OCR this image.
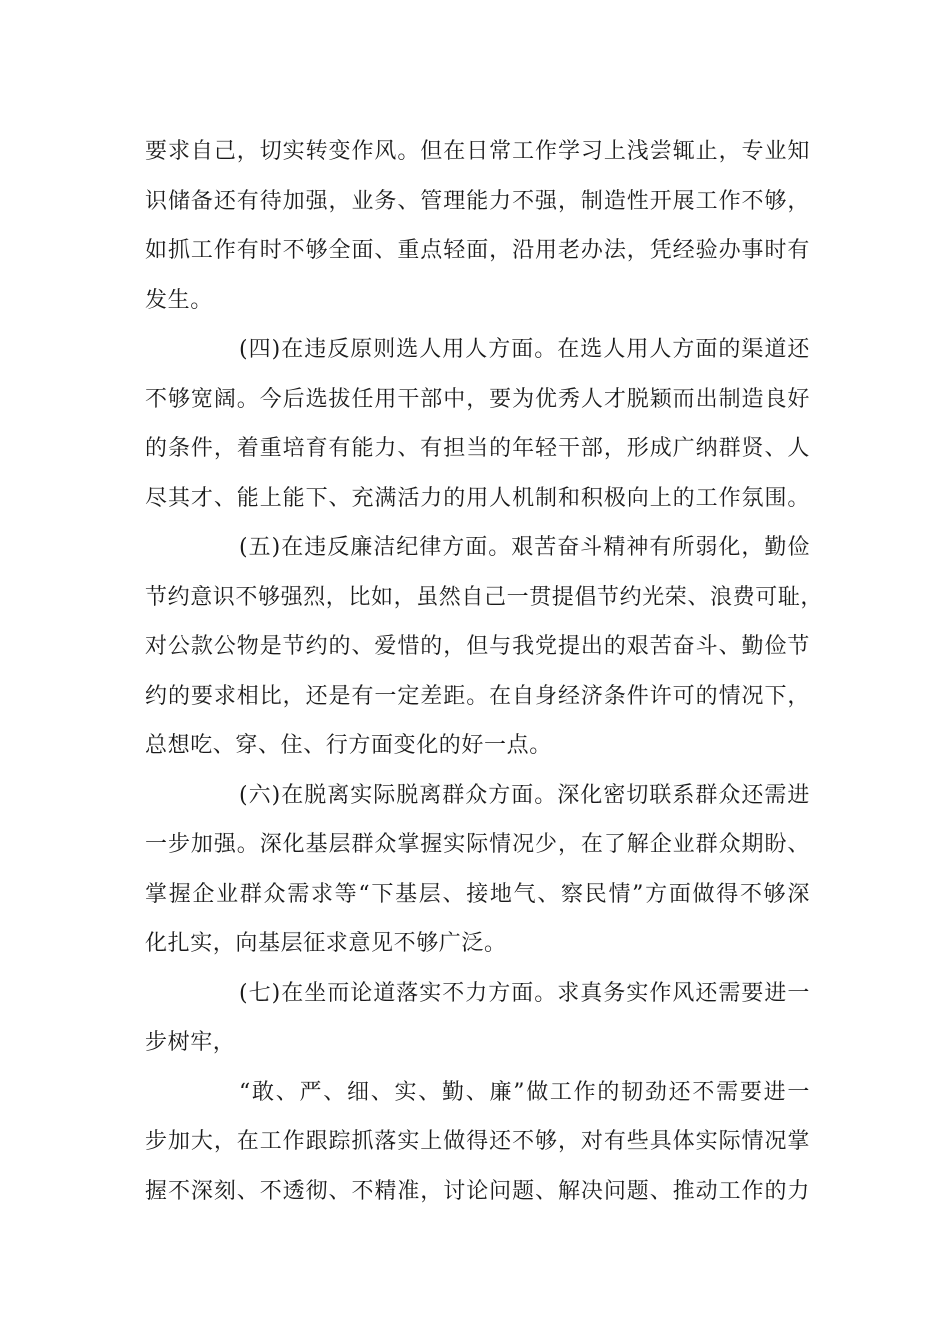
要求自己，切实转变作风。但在日常工作学习上浅尝辄止，专业知
识储备还有待加强，业务、管理能力不强，制造性开展工作不够，
如抓工作有时不够全面、重点轻面，沿用老办法，凭经验办事时有
发生。
(四)在违反原则选人用人方面。在选人用人方面的渠道还
不够宽阔。今后选拔任用干部中，要为优秀人才脱颖而出制造良好
的条件，着重培育有能力、有担当的年轻干部，形成广纳群贤、人
尽其才、能上能下、充满活力的用人机制和积极向上的工作氛围。
(五)在违反廉洁纪律方面。艰苦奋斗精神有所弱化，勤俭
节约意识不够强烈，比如，虽然自己一贯提倡节约光荣、浪费可耻，
对公款公物是节约的、爱惜的，但与我党提出的艰苦奋斗、勤俭节
约的要求相比，还是有一定差距。在自身经济条件许可的情况下，
总想吃、穿、住、行方面变化的好一点。
(六)在脱离实际脱离群众方面。深化密切联系群众还需进
一步加强。深化基层群众掌握实际情况少，在了解企业群众期盼、
掌握企业群众需求等“下基层、接地气、察民情”方面做得不够深
化扎实，向基层征求意见不够广泛。
(七)在坐而论道落实不力方面。求真务实作风还需要进一
步树牢，
“敢、严、细、实、勤、廉”做工作的韧劲还不需要进一
步加大，在工作跟踪抓落实上做得还不够，对有些具体实际情况掌
握不深刻、不透彻、不精准，讨论问题、解决问题、推动工作的力
